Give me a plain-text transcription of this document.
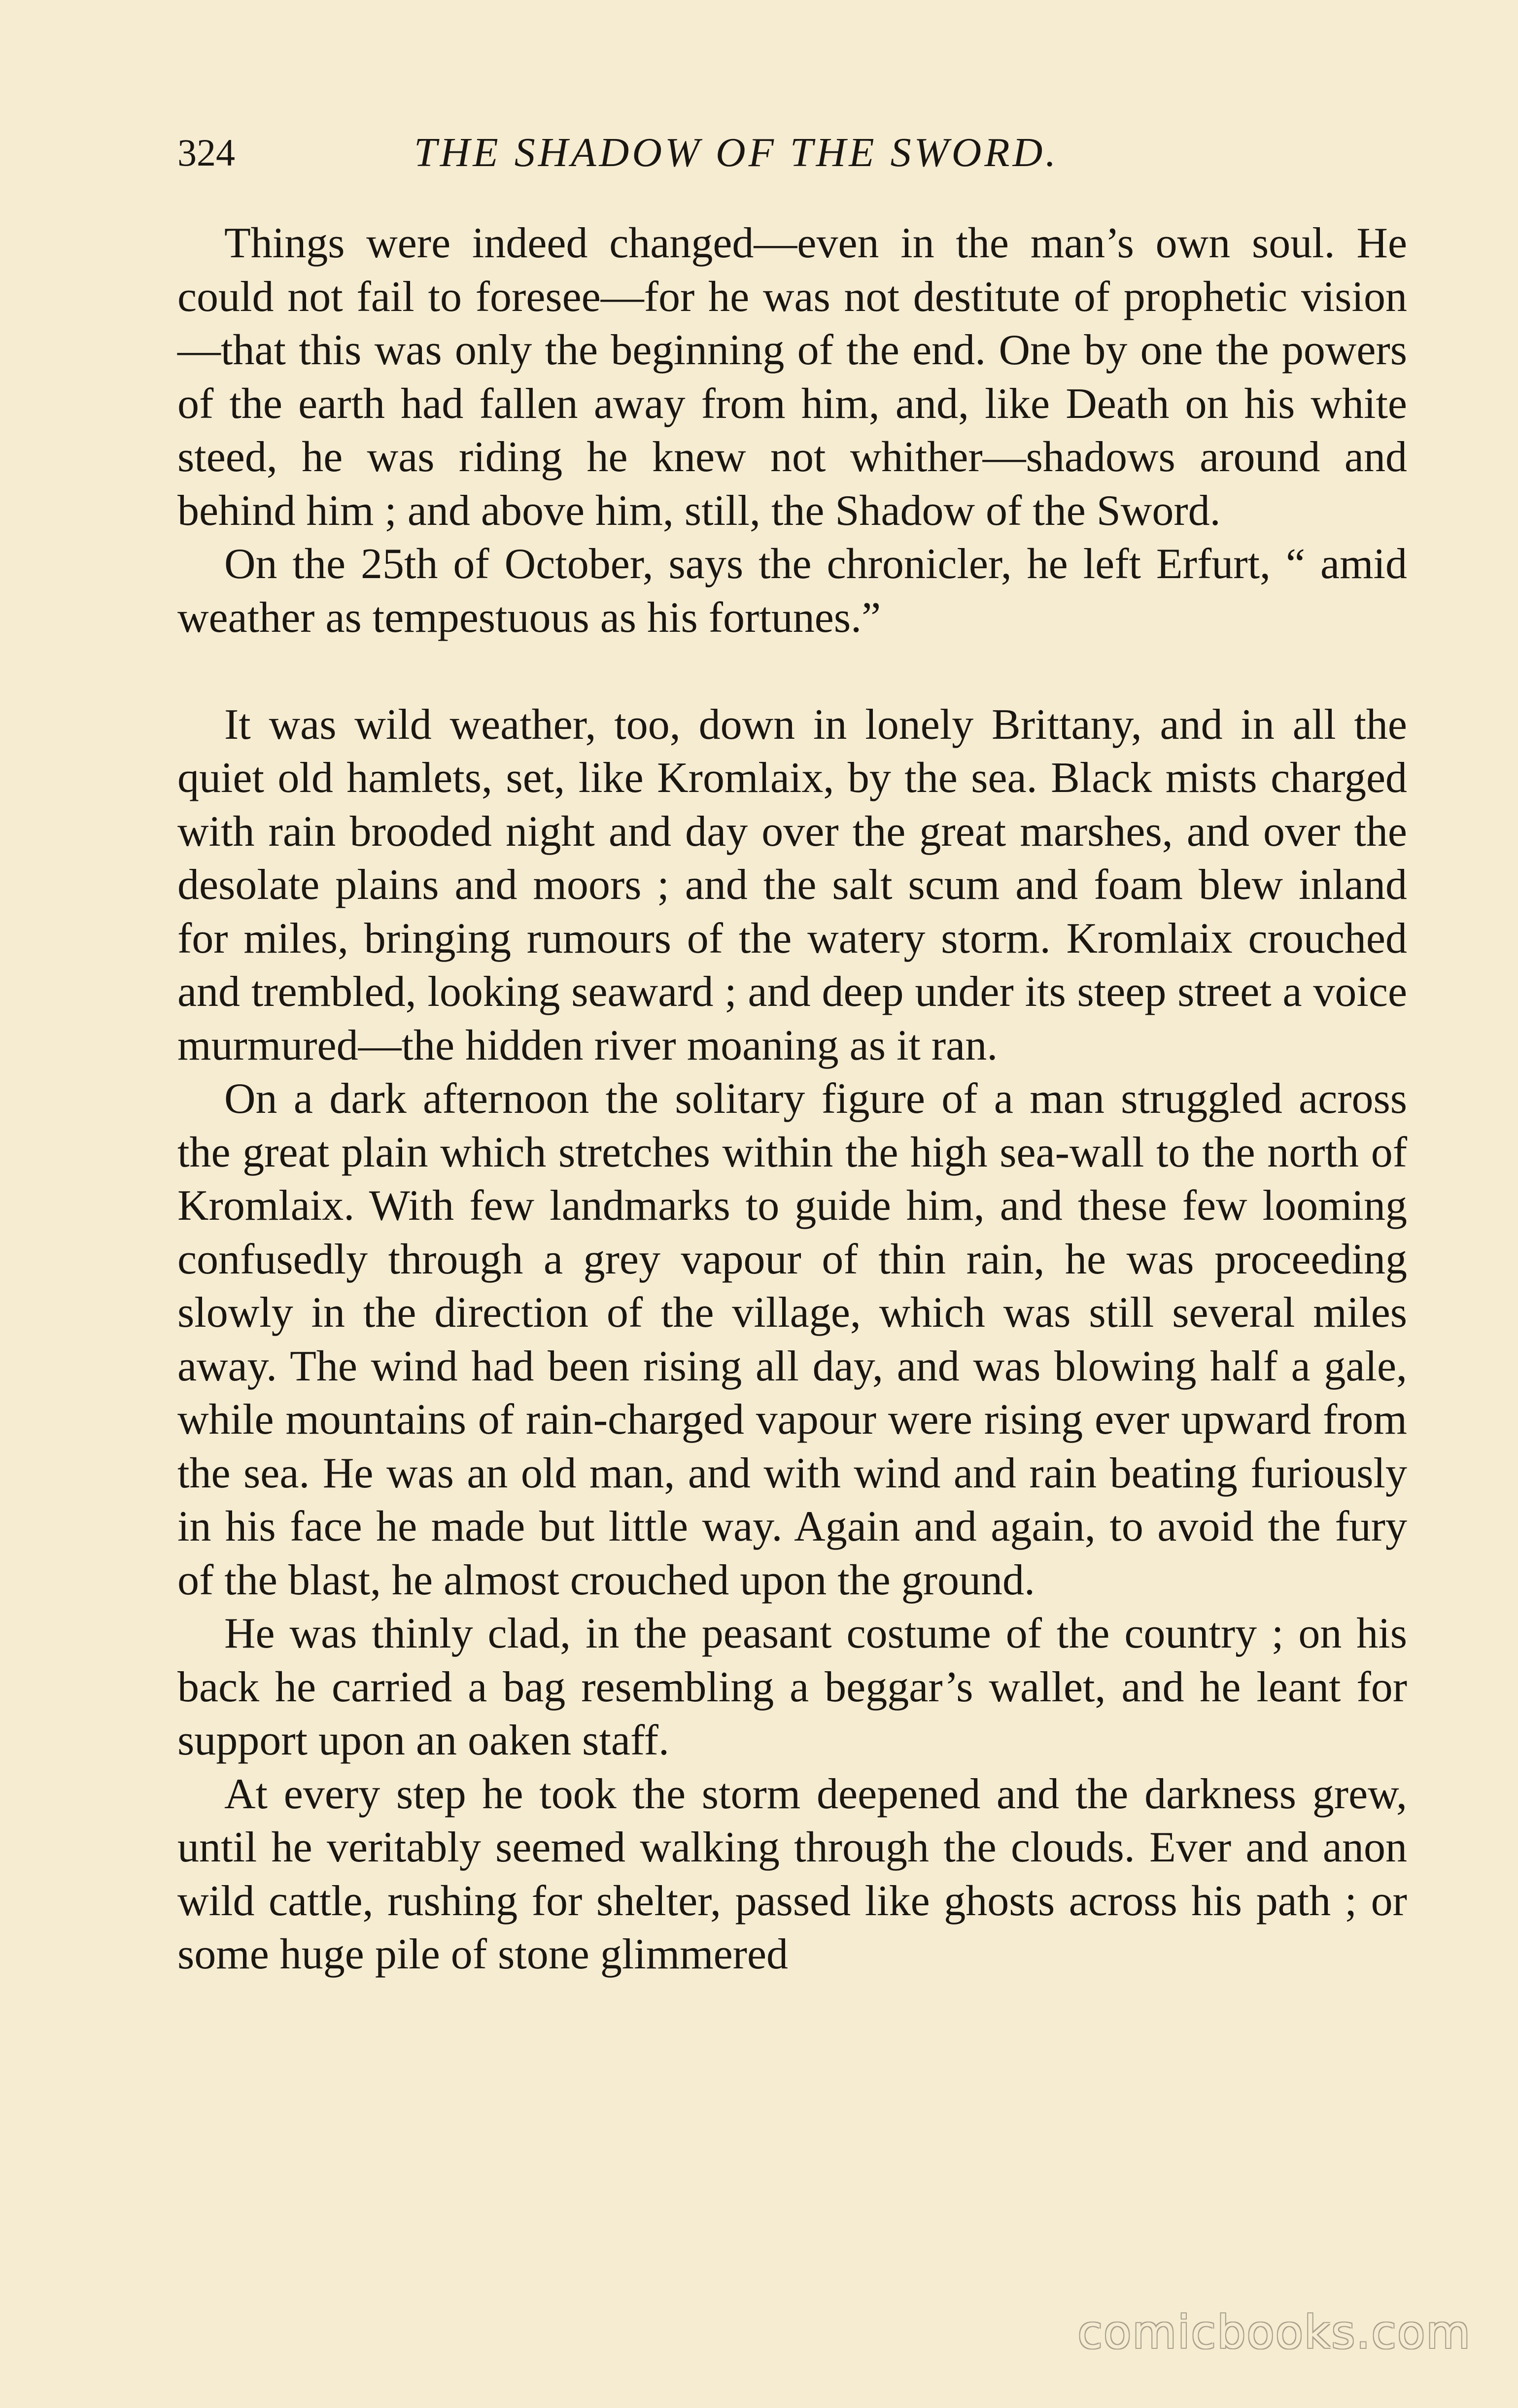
324	THE SHADOW OF THE SWORD.

Things were indeed changed—even in the man’s own soul. He could not fail to foresee—for he was not destitute of prophetic vision—that this was only the beginning of the end. One by one the powers of the earth had fallen away from him, and, like Death on his white steed, he was riding he knew not whither—shadows around and behind him ; and above him, still, the Shadow of the Sword.

On the 25th of October, says the chronicler, he left Erfurt, “ amid weather as tempestuous as his fortunes.”

It was wild weather, too, down in lonely Brittany, and in all the quiet old hamlets, set, like Kromlaix, by the sea. Black mists charged with rain brooded night and day over the great marshes, and over the desolate plains and moors ; and the salt scum and foam blew inland for miles, bringing rumours of the watery storm. Kromlaix crouched and trembled, looking seaward ; and deep under its steep street a voice murmured—the hidden river moaning as it ran.

On a dark afternoon the solitary figure of a man struggled across the great plain which stretches within the high sea-wall to the north of Kromlaix. With few landmarks to guide him, and these few looming confusedly through a grey vapour of thin rain, he was proceeding slowly in the direction of the village, which was still several miles away. The wind had been rising all day, and was blowing half a gale, while mountains of rain-charged vapour were rising ever upward from the sea. He was an old man, and with wind and rain beating furiously in his face he made but little way. Again and again, to avoid the fury of the blast, he almost crouched upon the ground.

He was thinly clad, in the peasant costume of the country ; on his back he carried a bag resembling a beggar’s wallet, and he leant for support upon an oaken staff.

At every step he took the storm deepened and the darkness grew, until he veritably seemed walking through the clouds. Ever and anon wild cattle, rushing for shelter, passed like ghosts across his path ; or some huge pile of stone glimmered

comicbooks.com
